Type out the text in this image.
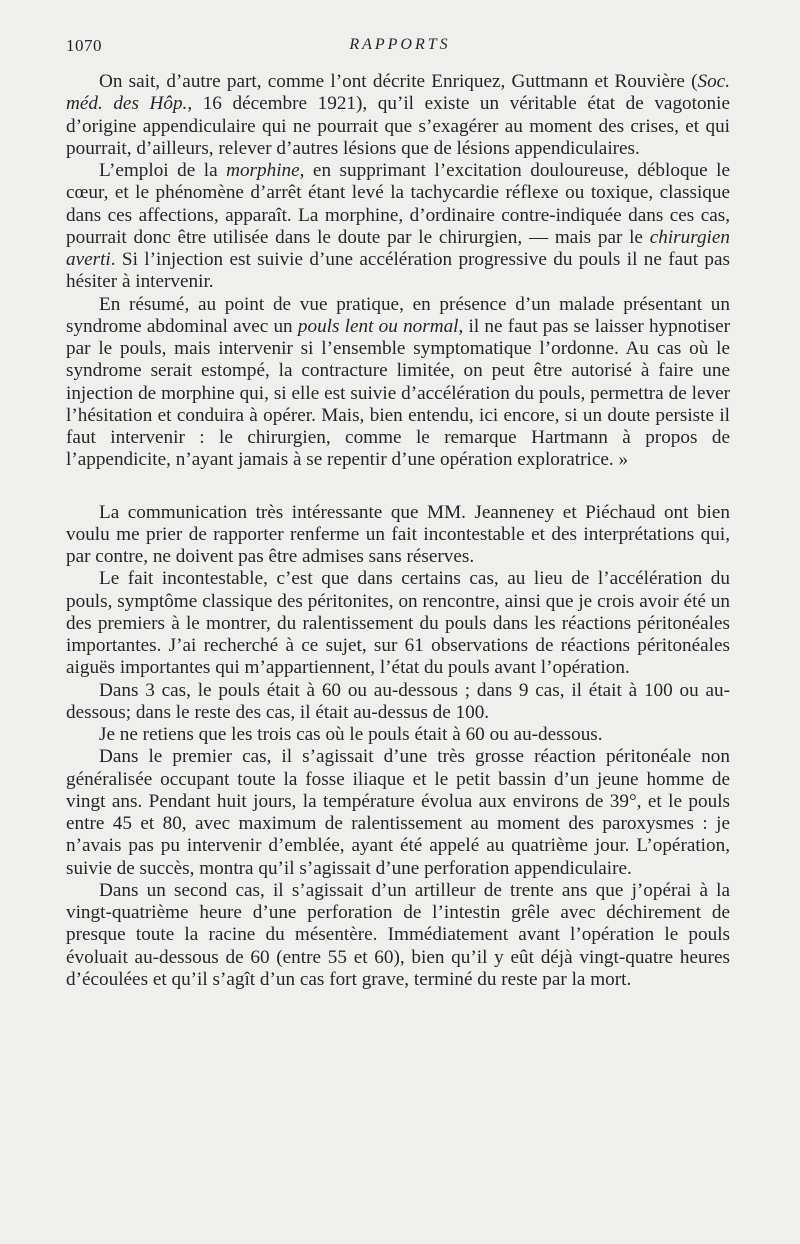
1070	RAPPORTS

On sait, d’autre part, comme l’ont décrite Enriquez, Guttmann et Rouvière (Soc. méd. des Hôp., 16 décembre 1921), qu’il existe un véritable état de vagotonie d’origine appendiculaire qui ne pourrait que s’exagérer au moment des crises, et qui pourrait, d’ailleurs, relever d’autres lésions que de lésions appendiculaires.

L’emploi de la morphine, en supprimant l’excitation douloureuse, débloque le cœur, et le phénomène d’arrêt étant levé la tachycardie réflexe ou toxique, classique dans ces affections, apparaît. La morphine, d’ordinaire contre-indiquée dans ces cas, pourrait donc être utilisée dans le doute par le chirurgien, — mais par le chirurgien averti. Si l’injection est suivie d’une accélération progressive du pouls il ne faut pas hésiter à intervenir.

En résumé, au point de vue pratique, en présence d’un malade présentant un syndrome abdominal avec un pouls lent ou normal, il ne faut pas se laisser hypnotiser par le pouls, mais intervenir si l’ensemble symptomatique l’ordonne. Au cas où le syndrome serait estompé, la contracture limitée, on peut être autorisé à faire une injection de morphine qui, si elle est suivie d’accélération du pouls, permettra de lever l’hésitation et conduira à opérer. Mais, bien entendu, ici encore, si un doute persiste il faut intervenir : le chirurgien, comme le remarque Hartmann à propos de l’appendicite, n’ayant jamais à se repentir d’une opération exploratrice. »

La communication très intéressante que MM. Jeanneney et Piéchaud ont bien voulu me prier de rapporter renferme un fait incontestable et des interprétations qui, par contre, ne doivent pas être admises sans réserves.

Le fait incontestable, c’est que dans certains cas, au lieu de l’accélération du pouls, symptôme classique des péritonites, on rencontre, ainsi que je crois avoir été un des premiers à le montrer, du ralentissement du pouls dans les réactions péritonéales importantes. J’ai recherché à ce sujet, sur 61 observations de réactions péritonéales aiguës importantes qui m’appartiennent, l’état du pouls avant l’opération.

Dans 3 cas, le pouls était à 60 ou au-dessous ; dans 9 cas, il était à 100 ou au-dessous; dans le reste des cas, il était au-dessus de 100.

Je ne retiens que les trois cas où le pouls était à 60 ou au-dessous.

Dans le premier cas, il s’agissait d’une très grosse réaction péritonéale non généralisée occupant toute la fosse iliaque et le petit bassin d’un jeune homme de vingt ans. Pendant huit jours, la température évolua aux environs de 39°, et le pouls entre 45 et 80, avec maximum de ralentissement au moment des paroxysmes : je n’avais pas pu intervenir d’emblée, ayant été appelé au quatrième jour. L’opération, suivie de succès, montra qu’il s’agissait d’une perforation appendiculaire.

Dans un second cas, il s’agissait d’un artilleur de trente ans que j’opérai à la vingt-quatrième heure d’une perforation de l’intestin grêle avec déchirement de presque toute la racine du mésentère. Immédiatement avant l’opération le pouls évoluait au-dessous de 60 (entre 55 et 60), bien qu’il y eût déjà vingt-quatre heures d’écoulées et qu’il s’agît d’un cas fort grave, terminé du reste par la mort.
